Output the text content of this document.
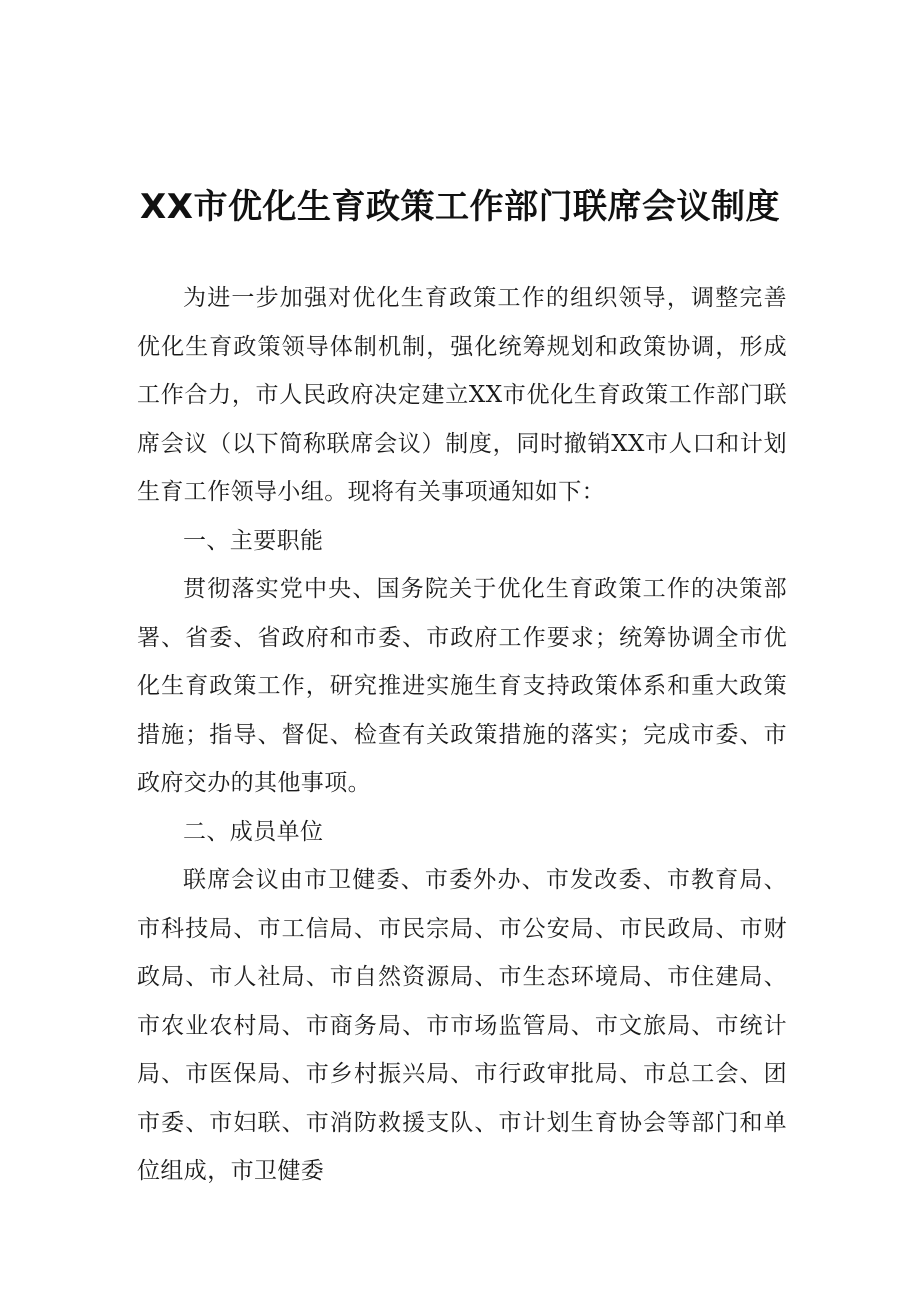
XX市优化生育政策工作部门联席会议制度

为进一步加强对优化生育政策工作的组织领导，调整完善优化生育政策领导体制机制，强化统筹规划和政策协调，形成工作合力，市人民政府决定建立XX市优化生育政策工作部门联席会议（以下简称联席会议）制度，同时撤销XX市人口和计划生育工作领导小组。现将有关事项通知如下：

一、主要职能

贯彻落实党中央、国务院关于优化生育政策工作的决策部署、省委、省政府和市委、市政府工作要求；统筹协调全市优化生育政策工作，研究推进实施生育支持政策体系和重大政策措施；指导、督促、检查有关政策措施的落实；完成市委、市政府交办的其他事项。

二、成员单位

联席会议由市卫健委、市委外办、市发改委、市教育局、市科技局、市工信局、市民宗局、市公安局、市民政局、市财政局、市人社局、市自然资源局、市生态环境局、市住建局、市农业农村局、市商务局、市市场监管局、市文旅局、市统计局、市医保局、市乡村振兴局、市行政审批局、市总工会、团市委、市妇联、市消防救援支队、市计划生育协会等部门和单位组成，市卫健委
